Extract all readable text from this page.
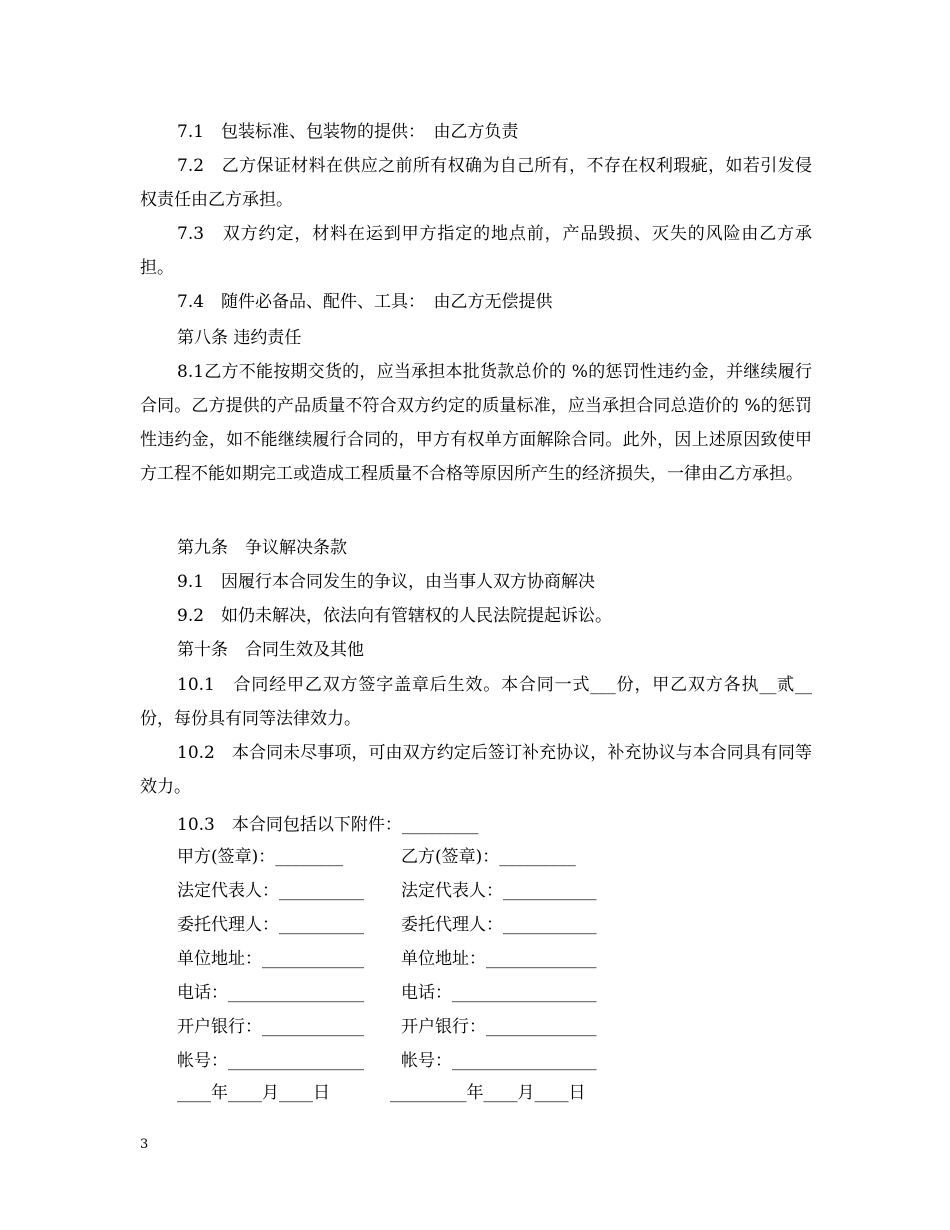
7.1　包装标准、包装物的提供：　由乙方负责

7.2　乙方保证材料在供应之前所有权确为自己所有，不存在权利瑕疵，如若引发侵权责任由乙方承担。

7.3　双方约定，材料在运到甲方指定的地点前，产品毁损、灭失的风险由乙方承担。

7.4　随件必备品、配件、工具：　由乙方无偿提供

第八条 违约责任

8.1乙方不能按期交货的，应当承担本批货款总价的 %的惩罚性违约金，并继续履行合同。乙方提供的产品质量不符合双方约定的质量标准，应当承担合同总造价的 %的惩罚性违约金，如不能继续履行合同的，甲方有权单方面解除合同。此外，因上述原因致使甲方工程不能如期完工或造成工程质量不合格等原因所产生的经济损失，一律由乙方承担。

第九条　争议解决条款

9.1　因履行本合同发生的争议，由当事人双方协商解决

9.2　如仍未解决，依法向有管辖权的人民法院提起诉讼。

第十条　合同生效及其他

10.1　合同经甲乙双方签字盖章后生效。本合同一式___份，甲乙双方各执__贰__份，每份具有同等法律效力。

10.2　本合同未尽事项，可由双方约定后签订补充协议，补充协议与本合同具有同等效力。

10.3　本合同包括以下附件：_________

甲方(签章)：________	乙方(签章)：_________
法定代表人：__________ 法定代表人：___________
委托代理人：__________ 委托代理人：___________
单位地址：____________ 单位地址：_____________
电话：________________ 电话：_________________
开户银行：____________ 开户银行：_____________
帐号：________________ 帐号：_________________
____年____月____日	_________年____月____日
3
